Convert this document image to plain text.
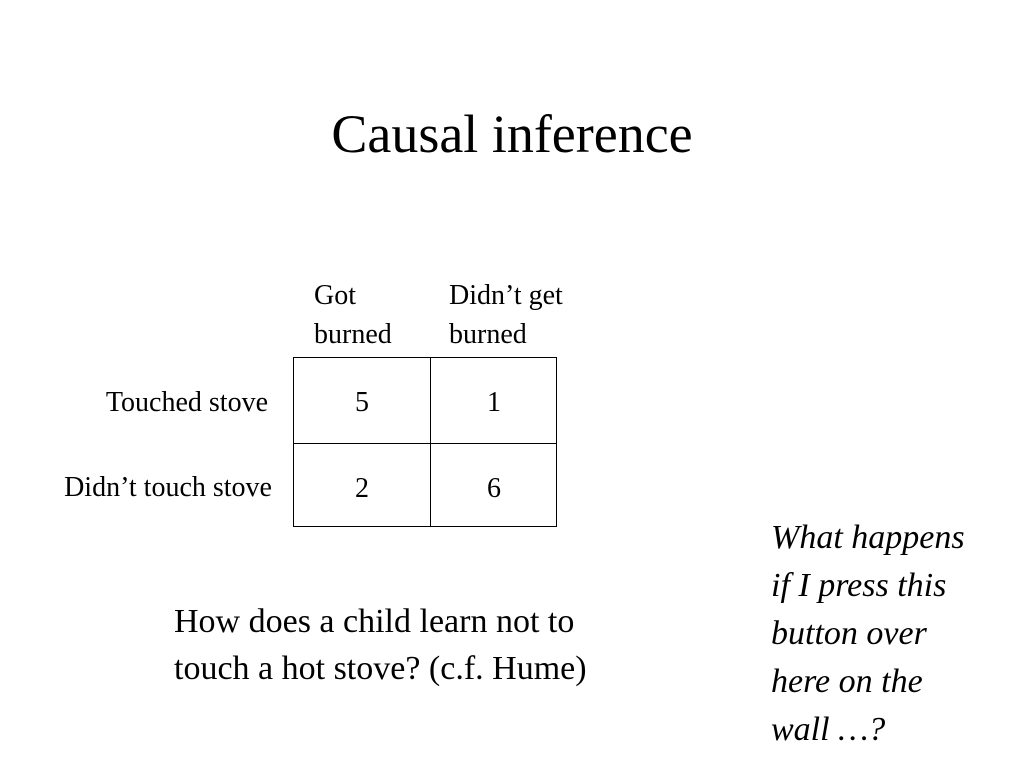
Causal inference
Got
burned
Didn’t get
burned
Touched stove
Didn’t touch stove
5	1
2	6
How does a child learn not to
touch a hot stove? (c.f. Hume)
What happens
if I press this
button over
here on the
wall …?
